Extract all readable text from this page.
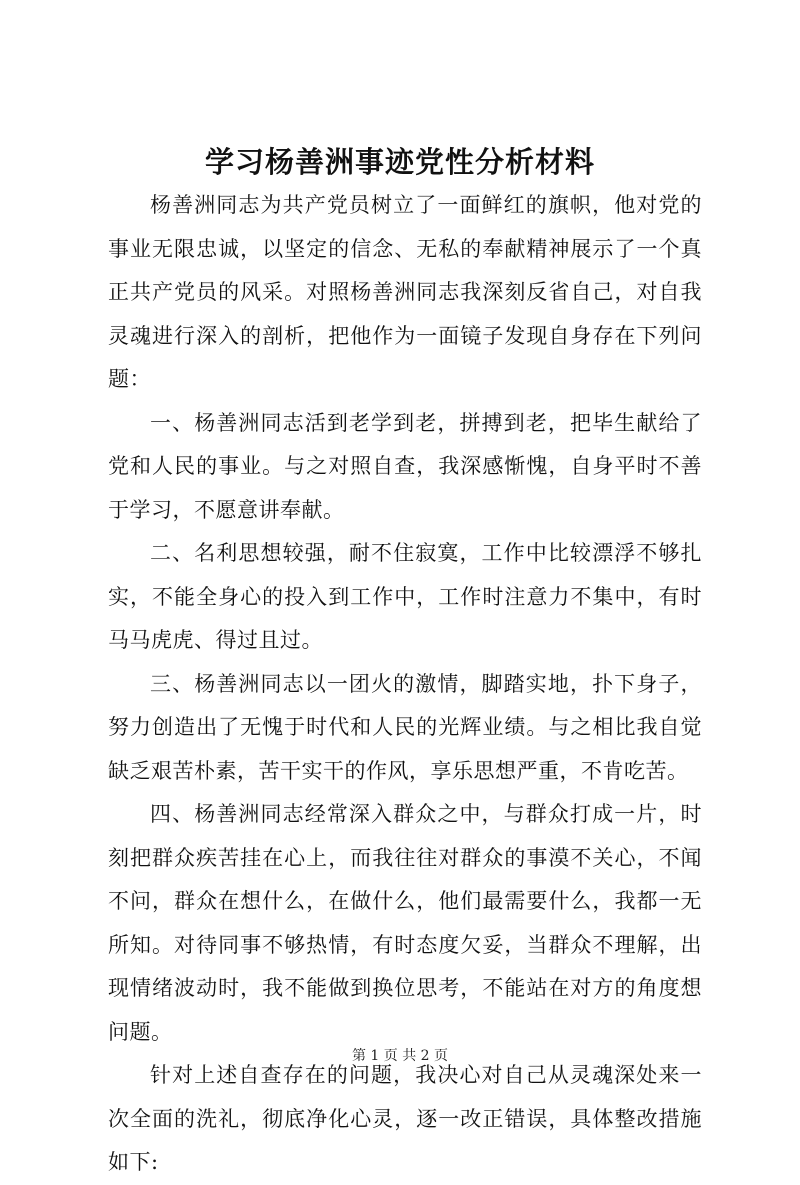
学习杨善洲事迹党性分析材料

杨善洲同志为共产党员树立了一面鲜红的旗帜，他对党的事业无限忠诚，以坚定的信念、无私的奉献精神展示了一个真正共产党员的风采。对照杨善洲同志我深刻反省自己，对自我灵魂进行深入的剖析，把他作为一面镜子发现自身存在下列问题：

一、杨善洲同志活到老学到老，拼搏到老，把毕生献给了党和人民的事业。与之对照自查，我深感惭愧，自身平时不善于学习，不愿意讲奉献。

二、名利思想较强，耐不住寂寞，工作中比较漂浮不够扎实，不能全身心的投入到工作中，工作时注意力不集中，有时马马虎虎、得过且过。

三、杨善洲同志以一团火的激情，脚踏实地，扑下身子，努力创造出了无愧于时代和人民的光辉业绩。与之相比我自觉缺乏艰苦朴素，苦干实干的作风，享乐思想严重，不肯吃苦。

四、杨善洲同志经常深入群众之中，与群众打成一片，时刻把群众疾苦挂在心上，而我往往对群众的事漠不关心，不闻不问，群众在想什么，在做什么，他们最需要什么，我都一无所知。对待同事不够热情，有时态度欠妥，当群众不理解，出现情绪波动时，我不能做到换位思考，不能站在对方的角度想问题。

针对上述自查存在的问题，我决心对自己从灵魂深处来一次全面的洗礼，彻底净化心灵，逐一改正错误，具体整改措施如下:

第 1 页 共 2 页
